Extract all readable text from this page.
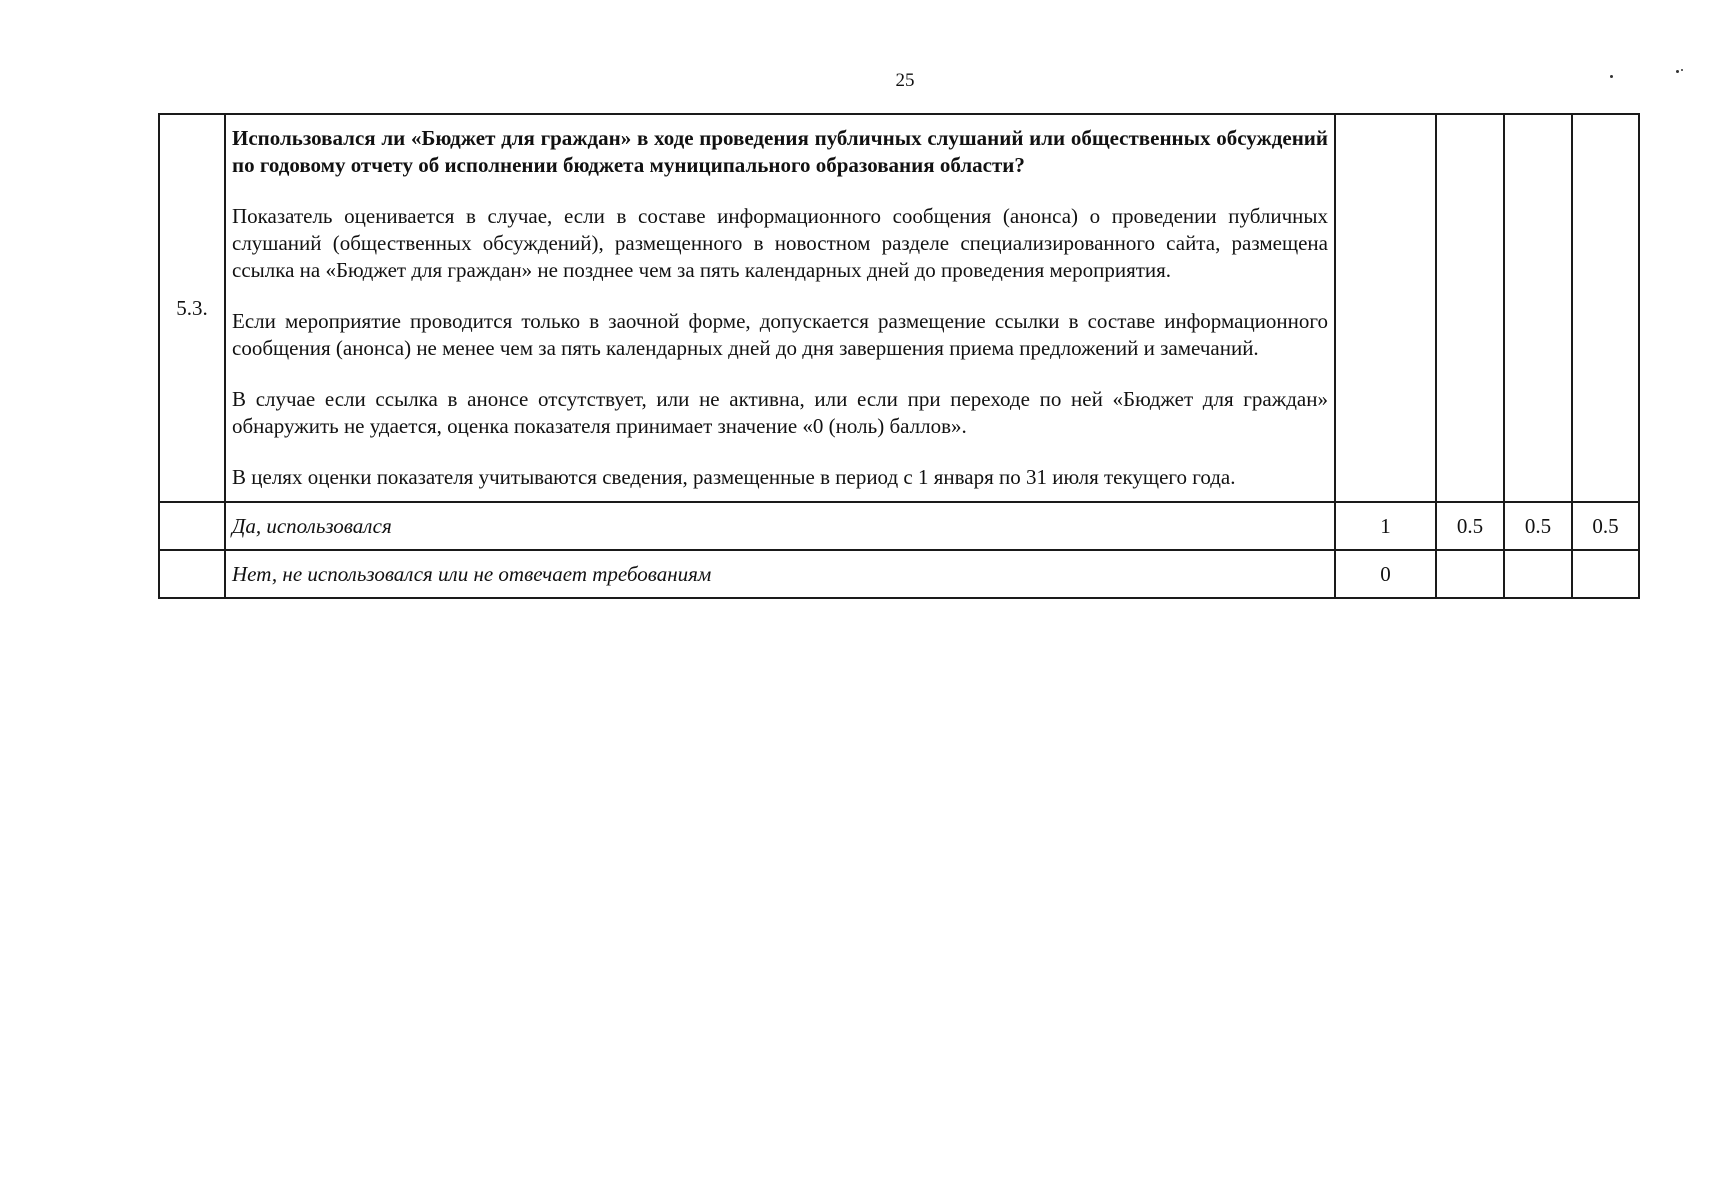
25
5.3.	Использовался ли «Бюджет для граждан» в ходе проведения публичных слушаний или общественных обсуждений по годовому отчету об исполнении бюджета муниципального образования области?

Показатель оценивается в случае, если в составе информационного сообщения (анонса) о проведении публичных слушаний (общественных обсуждений), размещенного в новостном разделе специализированного сайта, размещена ссылка на «Бюджет для граждан» не позднее чем за пять календарных дней до проведения мероприятия.

Если мероприятие проводится только в заочной форме, допускается размещение ссылки в составе информационного сообщения (анонса) не менее чем за пять календарных дней до дня завершения приема предложений и замечаний.

В случае если ссылка в анонсе отсутствует, или не активна, или если при переходе по ней «Бюджет для граждан» обнаружить не удается, оценка показателя принимает значение «0 (ноль) баллов».

В целях оценки показателя учитываются сведения, размещенные в период с 1 января по 31 июля текущего года.				

	Да, использовался	1	0.5	0.5	0.5
	Нет, не использовался или не отвечает требованиям	0			
